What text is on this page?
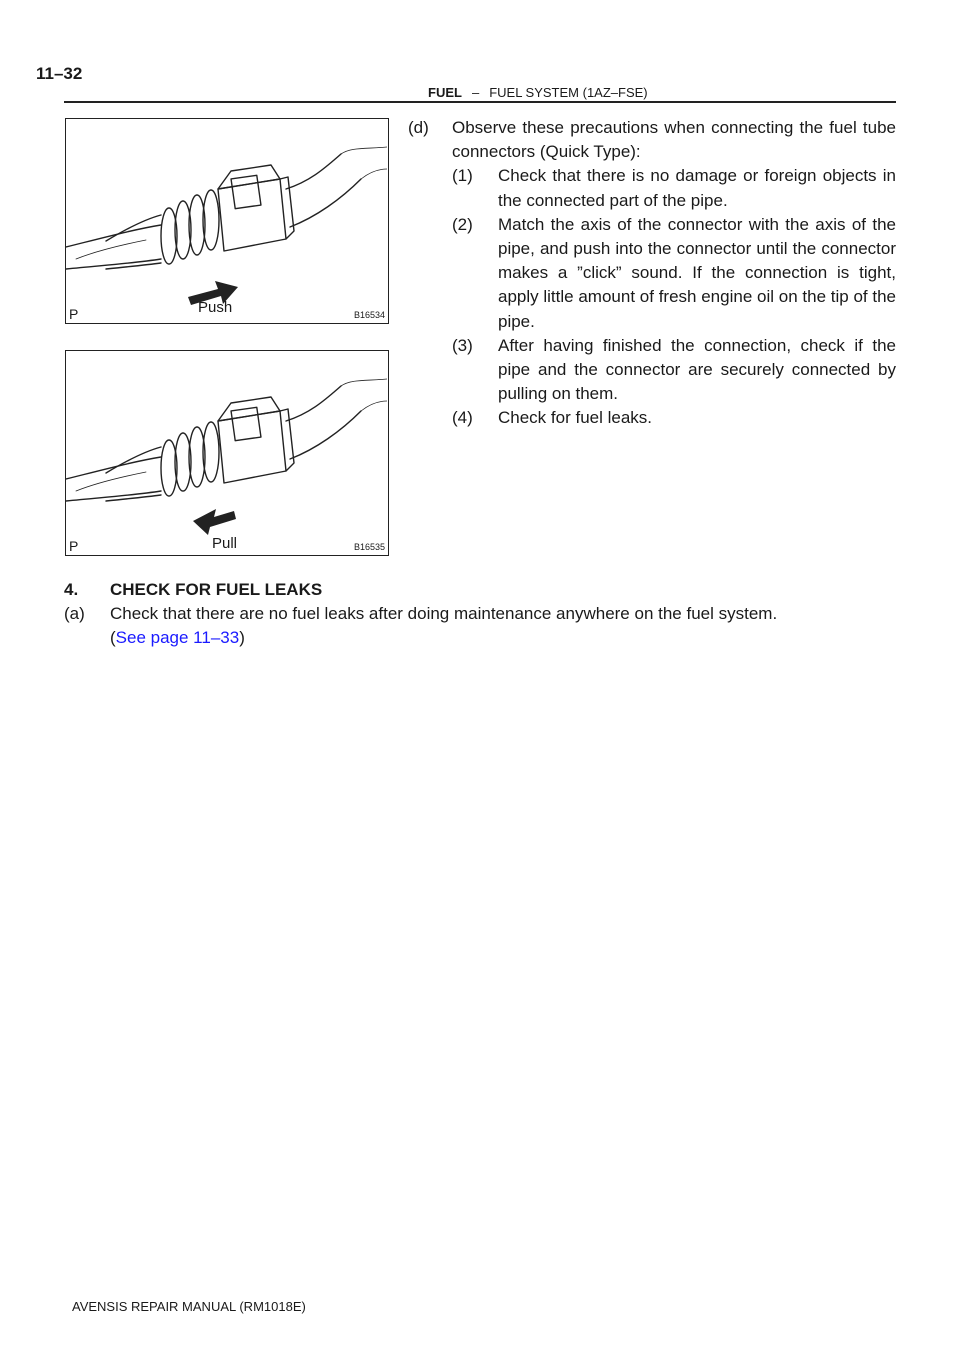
11–32
FUEL – FUEL SYSTEM (1AZ–FSE)
Push
P	B16534
Pull
P	B16535
(d) Observe these precautions when connecting the fuel tube connectors (Quick Type):
(1) Check that there is no damage or foreign objects in the connected part of the pipe.
(2) Match the axis of the connector with the axis of the pipe, and push into the connector until the connector makes a ”click” sound. If the connection is tight, apply little amount of fresh engine oil on the tip of the pipe.
(3) After having finished the connection, check if the pipe and the connector are securely connected by pulling on them.
(4) Check for fuel leaks.
4. CHECK FOR FUEL LEAKS
(a) Check that there are no fuel leaks after doing maintenance anywhere on the fuel system.
(See page 11–33)
AVENSIS REPAIR MANUAL (RM1018E)
